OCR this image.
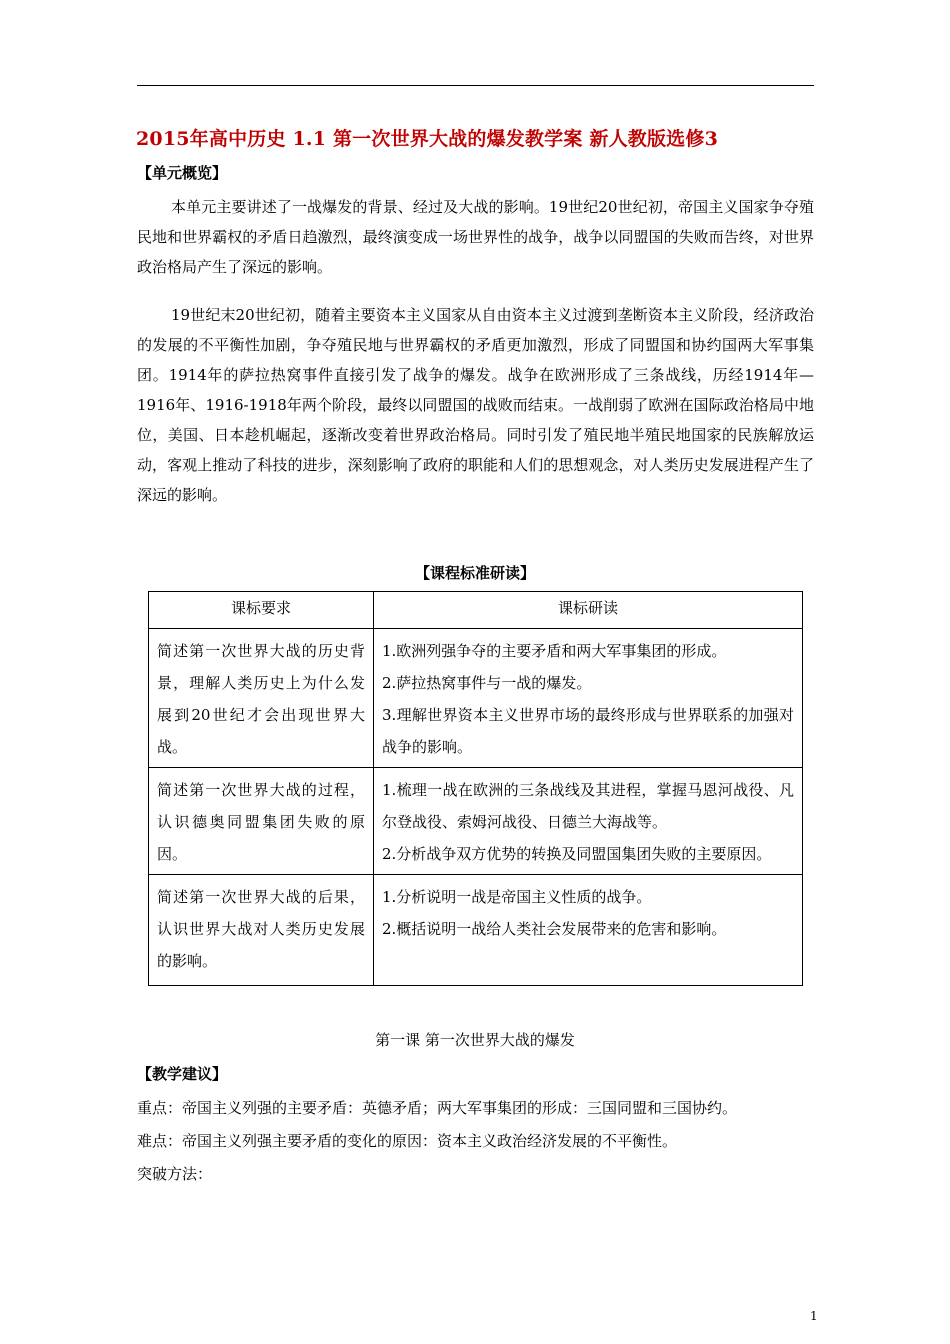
2015年高中历史 1.1 第一次世界大战的爆发教学案 新人教版选修3
【单元概览】

本单元主要讲述了一战爆发的背景、经过及大战的影响。19世纪20世纪初，帝国主义国家争夺殖民地和世界霸权的矛盾日趋激烈，最终演变成一场世界性的战争，战争以同盟国的失败而告终，对世界政治格局产生了深远的影响。

19世纪末20世纪初，随着主要资本主义国家从自由资本主义过渡到垄断资本主义阶段，经济政治的发展的不平衡性加剧，争夺殖民地与世界霸权的矛盾更加激烈，形成了同盟国和协约国两大军事集团。1914年的萨拉热窝事件直接引发了战争的爆发。战争在欧洲形成了三条战线，历经1914年—1916年、1916-1918年两个阶段，最终以同盟国的战败而结束。一战削弱了欧洲在国际政治格局中地位，美国、日本趁机崛起，逐渐改变着世界政治格局。同时引发了殖民地半殖民地国家的民族解放运动，客观上推动了科技的进步，深刻影响了政府的职能和人们的思想观念，对人类历史发展进程产生了深远的影响。

【课程标准研读】
课标要求	课标研读
简述第一次世界大战的历史背景，理解人类历史上为什么发展到20世纪才会出现世界大战。	1.欧洲列强争夺的主要矛盾和两大军事集团的形成。
2.萨拉热窝事件与一战的爆发。
3.理解世界资本主义世界市场的最终形成与世界联系的加强对战争的影响。

简述第一次世界大战的过程，认识德奥同盟集团失败的原因。	1.梳理一战在欧洲的三条战线及其进程，掌握马恩河战役、凡尔登战役、索姆河战役、日德兰大海战等。
2.分析战争双方优势的转换及同盟国集团失败的主要原因。

简述第一次世界大战的后果，认识世界大战对人类历史发展的影响。	1.分析说明一战是帝国主义性质的战争。
2.概括说明一战给人类社会发展带来的危害和影响。
第一课 第一次世界大战的爆发
【教学建议】
重点：帝国主义列强的主要矛盾：英德矛盾；两大军事集团的形成：三国同盟和三国协约。
难点：帝国主义列强主要矛盾的变化的原因：资本主义政治经济发展的不平衡性。
突破方法：
1
